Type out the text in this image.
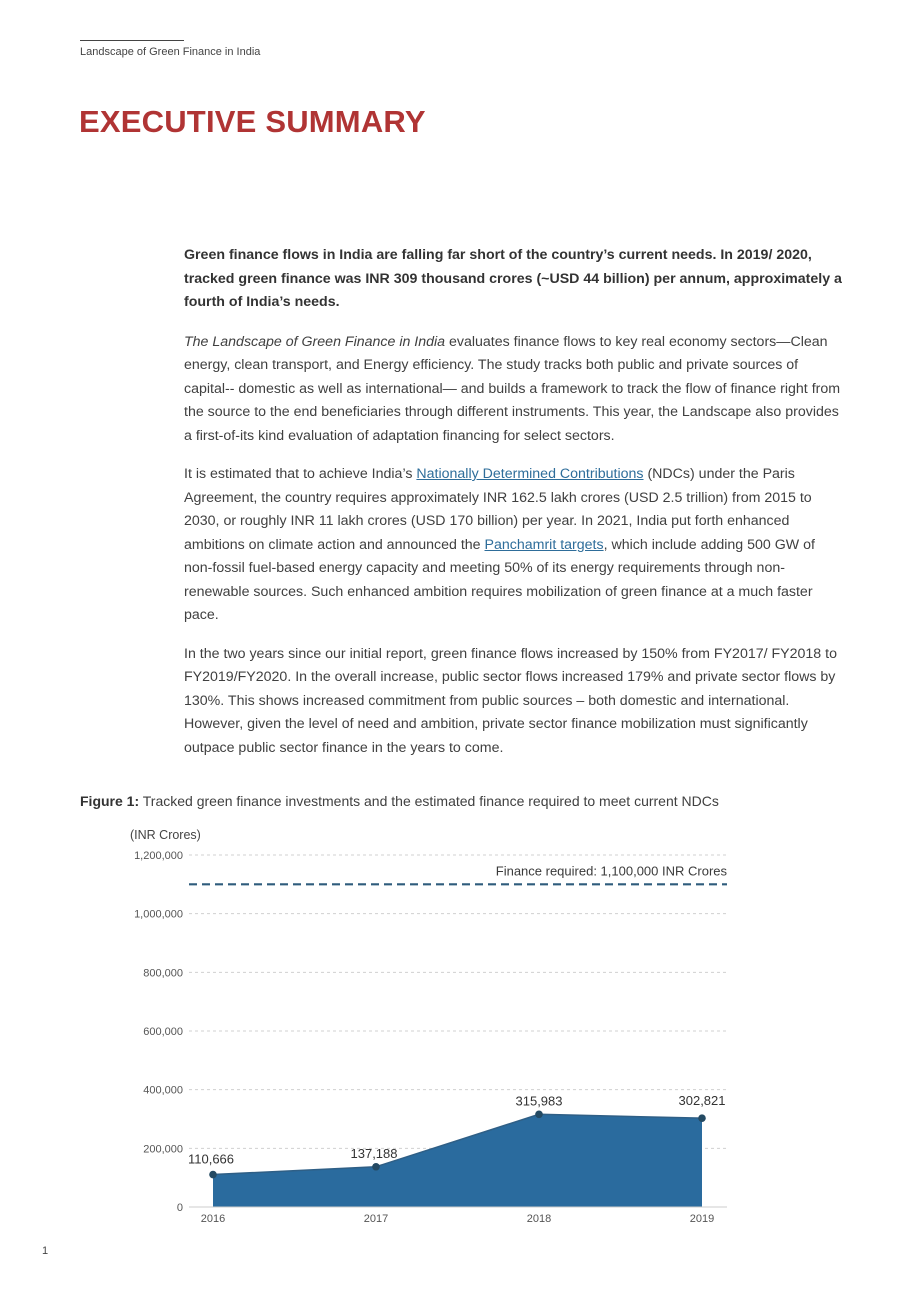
Landscape of Green Finance in India
EXECUTIVE SUMMARY

Green finance flows in India are falling far short of the country’s current needs. In 2019/ 2020, tracked green finance was INR 309 thousand crores (~USD 44 billion) per annum, approximately a fourth of India’s needs.

The Landscape of Green Finance in India evaluates finance flows to key real economy sectors—Clean energy, clean transport, and Energy efficiency. The study tracks both public and private sources of capital-- domestic as well as international— and builds a framework to track the flow of finance right from the source to the end beneficiaries through different instruments. This year, the Landscape also provides a first-of-its kind evaluation of adaptation financing for select sectors.

It is estimated that to achieve India’s Nationally Determined Contributions (NDCs) under the Paris Agreement, the country requires approximately INR 162.5 lakh crores (USD 2.5 trillion) from 2015 to 2030, or roughly INR 11 lakh crores (USD 170 billion) per year. In 2021, India put forth enhanced ambitions on climate action and announced the Panchamrit targets, which include adding 500 GW of non-fossil fuel-based energy capacity and meeting 50% of its energy requirements through non-renewable sources. Such enhanced ambition requires mobilization of green finance at a much faster pace.

In the two years since our initial report, green finance flows increased by 150% from FY2017/ FY2018 to FY2019/FY2020. In the overall increase, public sector flows increased 179% and private sector flows by 130%. This shows increased commitment from public sources – both domestic and international. However, given the level of need and ambition, private sector finance mobilization must significantly outpace public sector finance in the years to come.

Figure 1: Tracked green finance investments and the estimated finance required to meet current NDCs
(INR Crores)
0
200,000
400,000
600,000
800,000
1,000,000
1,200,000
Finance required: 1,100,000 INR Crores
110,666	137,188
315,983	302,821
2016	2017	2018	2019
1
